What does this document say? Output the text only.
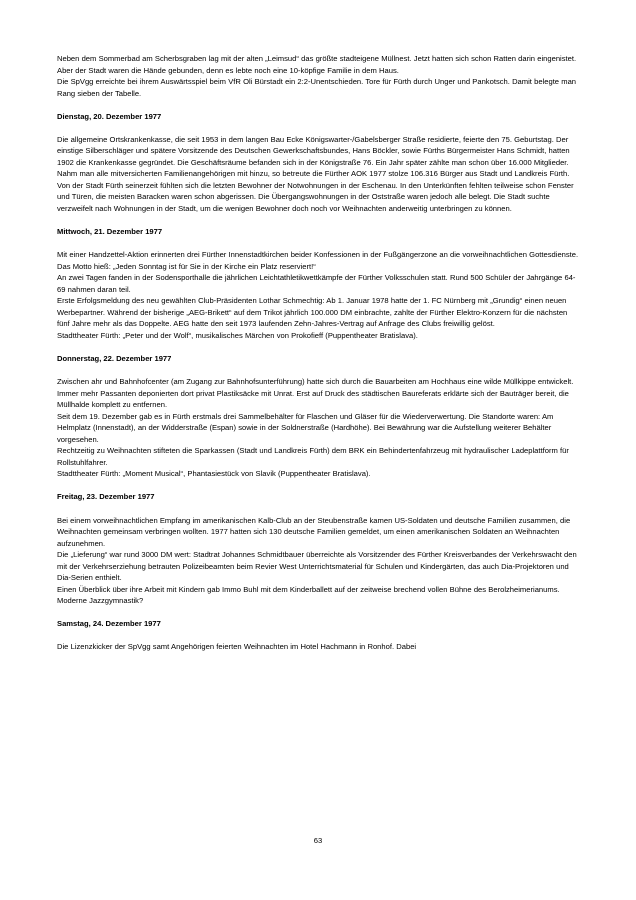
Neben dem Sommerbad am Scherbsgraben lag mit der alten „Leimsud“ das größte stadteigene Müllnest. Jetzt hatten sich schon Ratten darin eingenistet. Aber der Stadt waren die Hände gebunden, denn es lebte noch eine 10-köpfige Familie in dem Haus.

Die SpVgg erreichte bei ihrem Auswärtsspiel beim VfR Oli Bürstadt ein 2:2-Unentschieden. Tore für Fürth durch Unger und Pankotsch. Damit belegte man Rang sieben der Tabelle.

Dienstag, 20. Dezember 1977

Die allgemeine Ortskrankenkasse, die seit 1953 in dem langen Bau Ecke Königswarter-/Gabelsberger Straße residierte, feierte den 75. Geburtstag. Der einstige Silberschläger und spätere Vorsitzende des Deutschen Gewerkschaftsbundes, Hans Böckler, sowie Fürths Bürgermeister Hans Schmidt, hatten 1902 die Krankenkasse gegründet. Die Geschäftsräume befanden sich in der Königstraße 76. Ein Jahr später zählte man schon über 16.000 Mitglieder. Nahm man alle mitversicherten Familienangehörigen mit hinzu, so betreute die Fürther AOK 1977 stolze 106.316 Bürger aus Stadt und Landkreis Fürth.

Von der Stadt Fürth seinerzeit fühlten sich die letzten Bewohner der Notwohnungen in der Eschenau. In den Unterkünften fehlten teilweise schon Fenster und Türen, die meisten Baracken waren schon abgerissen. Die Übergangswohnungen in der Oststraße waren jedoch alle belegt. Die Stadt suchte verzweifelt nach Wohnungen in der Stadt, um die wenigen Bewohner doch noch vor Weihnachten anderweitig unterbringen zu können.

Mittwoch, 21. Dezember 1977

Mit einer Handzettel-Aktion erinnerten drei Fürther Innenstadtkirchen beider Konfessionen in der Fußgängerzone an die vorweihnachtlichen Gottesdienste. Das Motto hieß: „Jeden Sonntag ist für Sie in der Kirche ein Platz reserviert!“

An zwei Tagen fanden in der Sodensporthalle die jährlichen Leichtathletikwettkämpfe der Fürther Volksschulen statt. Rund 500 Schüler der Jahrgänge 64-69 nahmen daran teil.

Erste Erfolgsmeldung des neu gewählten Club-Präsidenten Lothar Schmechtig: Ab 1. Januar 1978 hatte der 1. FC Nürnberg mit „Grundig“ einen neuen Werbepartner. Während der bisherige „AEG-Brikett“ auf dem Trikot jährlich 100.000 DM einbrachte, zahlte der Fürther Elektro-Konzern für die nächsten fünf Jahre mehr als das Doppelte. AEG hatte den seit 1973 laufenden Zehn-Jahres-Vertrag auf Anfrage des Clubs freiwillig gelöst.

Stadttheater Fürth: „Peter und der Wolf“, musikalisches Märchen von Prokofieff (Puppentheater Bratislava).

Donnerstag, 22. Dezember 1977

Zwischen ahr und Bahnhofcenter (am Zugang zur Bahnhofsunterführung) hatte sich durch die Bauarbeiten am Hochhaus eine wilde Müllkippe entwickelt. Immer mehr Passanten deponierten dort privat Plastiksäcke mit Unrat. Erst auf Druck des städtischen Baureferats erklärte sich der Bauträger bereit, die Müllhalde komplett zu entfernen.

Seit dem 19. Dezember gab es in Fürth erstmals drei Sammelbehälter für Flaschen und Gläser für die Wiederverwertung. Die Standorte waren: Am Helmplatz (Innenstadt), an der Widderstraße (Espan) sowie in der Soldnerstraße (Hardhöhe). Bei Bewährung war die Aufstellung weiterer Behälter vorgesehen.

Rechtzeitig zu Weihnachten stifteten die Sparkassen (Stadt und Landkreis Fürth) dem BRK ein Behindertenfahrzeug mit hydraulischer Ladeplattform für Rollstuhlfahrer.

Stadttheater Fürth: „Moment Musical“, Phantasiestück von Slavik (Puppentheater Bratislava).

Freitag, 23. Dezember 1977

Bei einem vorweihnachtlichen Empfang im amerikanischen Kalb-Club an der Steubenstraße kamen US-Soldaten und deutsche Familien zusammen, die Weihnachten gemeinsam verbringen wollten. 1977 hatten sich 130 deutsche Familien gemeldet, um einen amerikanischen Soldaten an Weihnachten aufzunehmen.

Die „Lieferung“ war rund 3000 DM wert: Stadtrat Johannes Schmidtbauer überreichte als Vorsitzender des Fürther Kreisverbandes der Verkehrswacht den mit der Verkehrserziehung betrauten Polizeibeamten beim Revier West Unterrichtsmaterial für Schulen und Kindergärten, das auch Dia-Projektoren und Dia-Serien enthielt.

Einen Überblick über ihre Arbeit mit Kindern gab Immo Buhl mit dem Kinderballett auf der zeitweise brechend vollen Bühne des Berolzheimerianums. Moderne Jazzgymnastik?

Samstag, 24. Dezember 1977

Die Lizenzkicker der SpVgg samt Angehörigen feierten Weihnachten im Hotel Hachmann in Ronhof. Dabei

63
